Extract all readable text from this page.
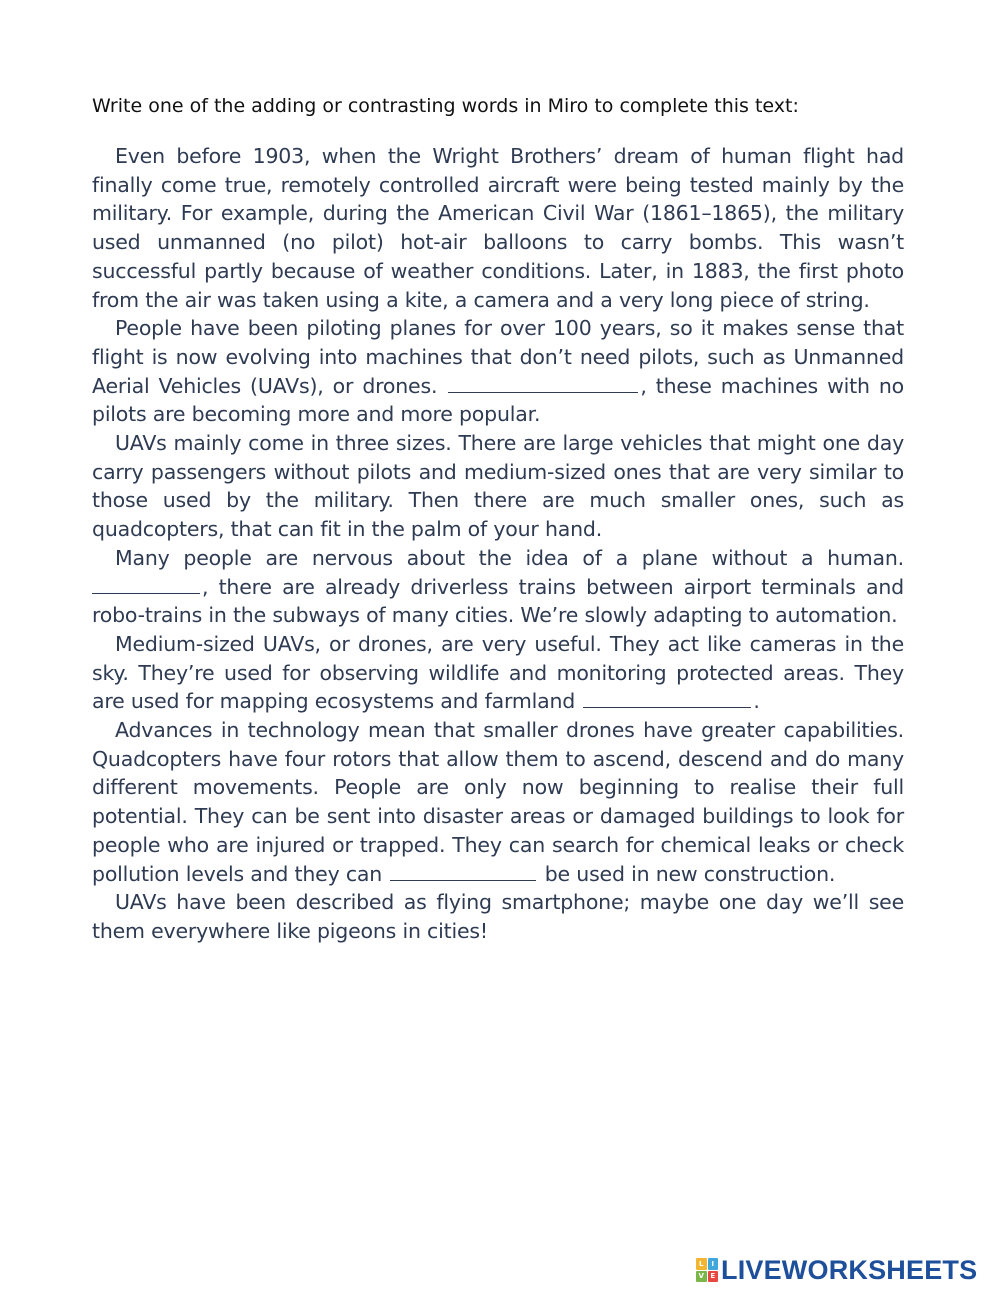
Write one of the adding or contrasting words in Miro to complete this text:

Even before 1903, when the Wright Brothers’ dream of human flight had finally come true, remotely controlled aircraft were being tested mainly by the military. For example, during the American Civil War (1861–1865), the military used unmanned (no pilot) hot-air balloons to carry bombs. This wasn’t successful partly because of weather conditions. Later, in 1883, the first photo from the air was taken using a kite, a camera and a very long piece of string.

People have been piloting planes for over 100 years, so it makes sense that flight is now evolving into machines that don’t need pilots, such as Unmanned Aerial Vehicles (UAVs), or drones.	, these machines with no pilots are becoming more and more popular.

UAVs mainly come in three sizes. There are large vehicles that might one day carry passengers without pilots and medium-sized ones that are very similar to those used by the military. Then there are much smaller ones, such as quadcopters, that can fit in the palm of your hand.

Many people are nervous about the idea of a plane without a human. , there are already driverless trains between airport terminals and robo-trains in the subways of many cities. We’re slowly adapting to automation.

Medium-sized UAVs, or drones, are very useful. They act like cameras in the sky. They’re used for observing wildlife and monitoring protected areas. They are used for mapping ecosystems and farmland	.

Advances in technology mean that smaller drones have greater capabilities. Quadcopters have four rotors that allow them to ascend, descend and do many different movements. People are only now beginning to realise their full potential. They can be sent into disaster areas or damaged buildings to look for people who are injured or trapped. They can search for chemical leaks or check pollution levels and they can	be used in new construction.

UAVs have been described as flying smartphone; maybe one day we’ll see them everywhere like pigeons in cities!

L	I
V E LIVEWORKSHEETS
